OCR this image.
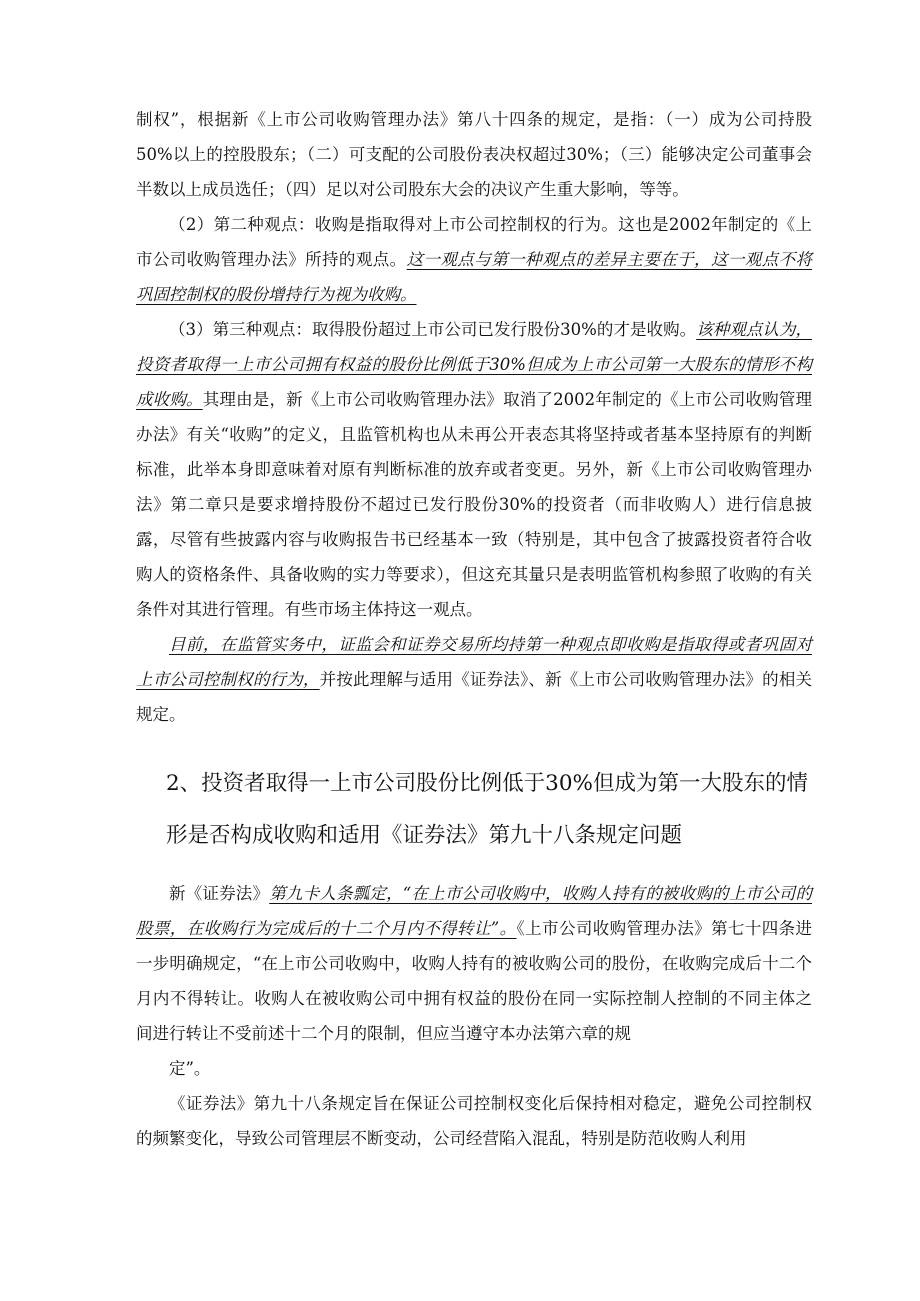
制权”，根据新《上市公司收购管理办法》第八十四条的规定，是指：（一）成为公司持股50%以上的控股股东；（二）可支配的公司股份表决权超过30%；（三）能够决定公司董事会半数以上成员选任；（四）足以对公司股东大会的决议产生重大影响，等等。

（2）第二种观点：收购是指取得对上市公司控制权的行为。这也是2002年制定的《上市公司收购管理办法》所持的观点。这一观点与第一种观点的差异主要在于，这一观点不将巩固控制权的股份增持行为视为收购。

（3）第三种观点：取得股份超过上市公司已发行股份30%的才是收购。该种观点认为，投资者取得一上市公司拥有权益的股份比例低于30%但成为上市公司第一大股东的情形不构成收购。其理由是，新《上市公司收购管理办法》取消了2002年制定的《上市公司收购管理办法》有关“收购”的定义，且监管机构也从未再公开表态其将坚持或者基本坚持原有的判断标准，此举本身即意味着对原有判断标准的放弃或者变更。另外，新《上市公司收购管理办法》第二章只是要求增持股份不超过已发行股份30%的投资者（而非收购人）进行信息披露，尽管有些披露内容与收购报告书已经基本一致（特别是，其中包含了披露投资者符合收购人的资格条件、具备收购的实力等要求），但这充其量只是表明监管机构参照了收购的有关条件对其进行管理。有些市场主体持这一观点。

目前，在监管实务中，证监会和证券交易所均持第一种观点即收购是指取得或者巩固对上市公司控制权的行为，并按此理解与适用《证券法》、新《上市公司收购管理办法》的相关规定。

2、投资者取得一上市公司股份比例低于30%但成为第一大股东的情形是否构成收购和适用《证券法》第九十八条规定问题

新《证券法》第九卡人条瓢定，“在上市公司收购中，收购人持有的被收购的上市公司的股票，在收购行为完成后的十二个月内不得转让”。《上市公司收购管理办法》第七十四条进一步明确规定，“在上市公司收购中，收购人持有的被收购公司的股份，在收购完成后十二个月内不得转让。收购人在被收购公司中拥有权益的股份在同一实际控制人控制的不同主体之间进行转让不受前述十二个月的限制，但应当遵守本办法第六章的规

定”。

《证券法》第九十八条规定旨在保证公司控制权变化后保持相对稳定，避免公司控制权的频繁变化，导致公司管理层不断变动，公司经营陷入混乱，特别是防范收购人利用
